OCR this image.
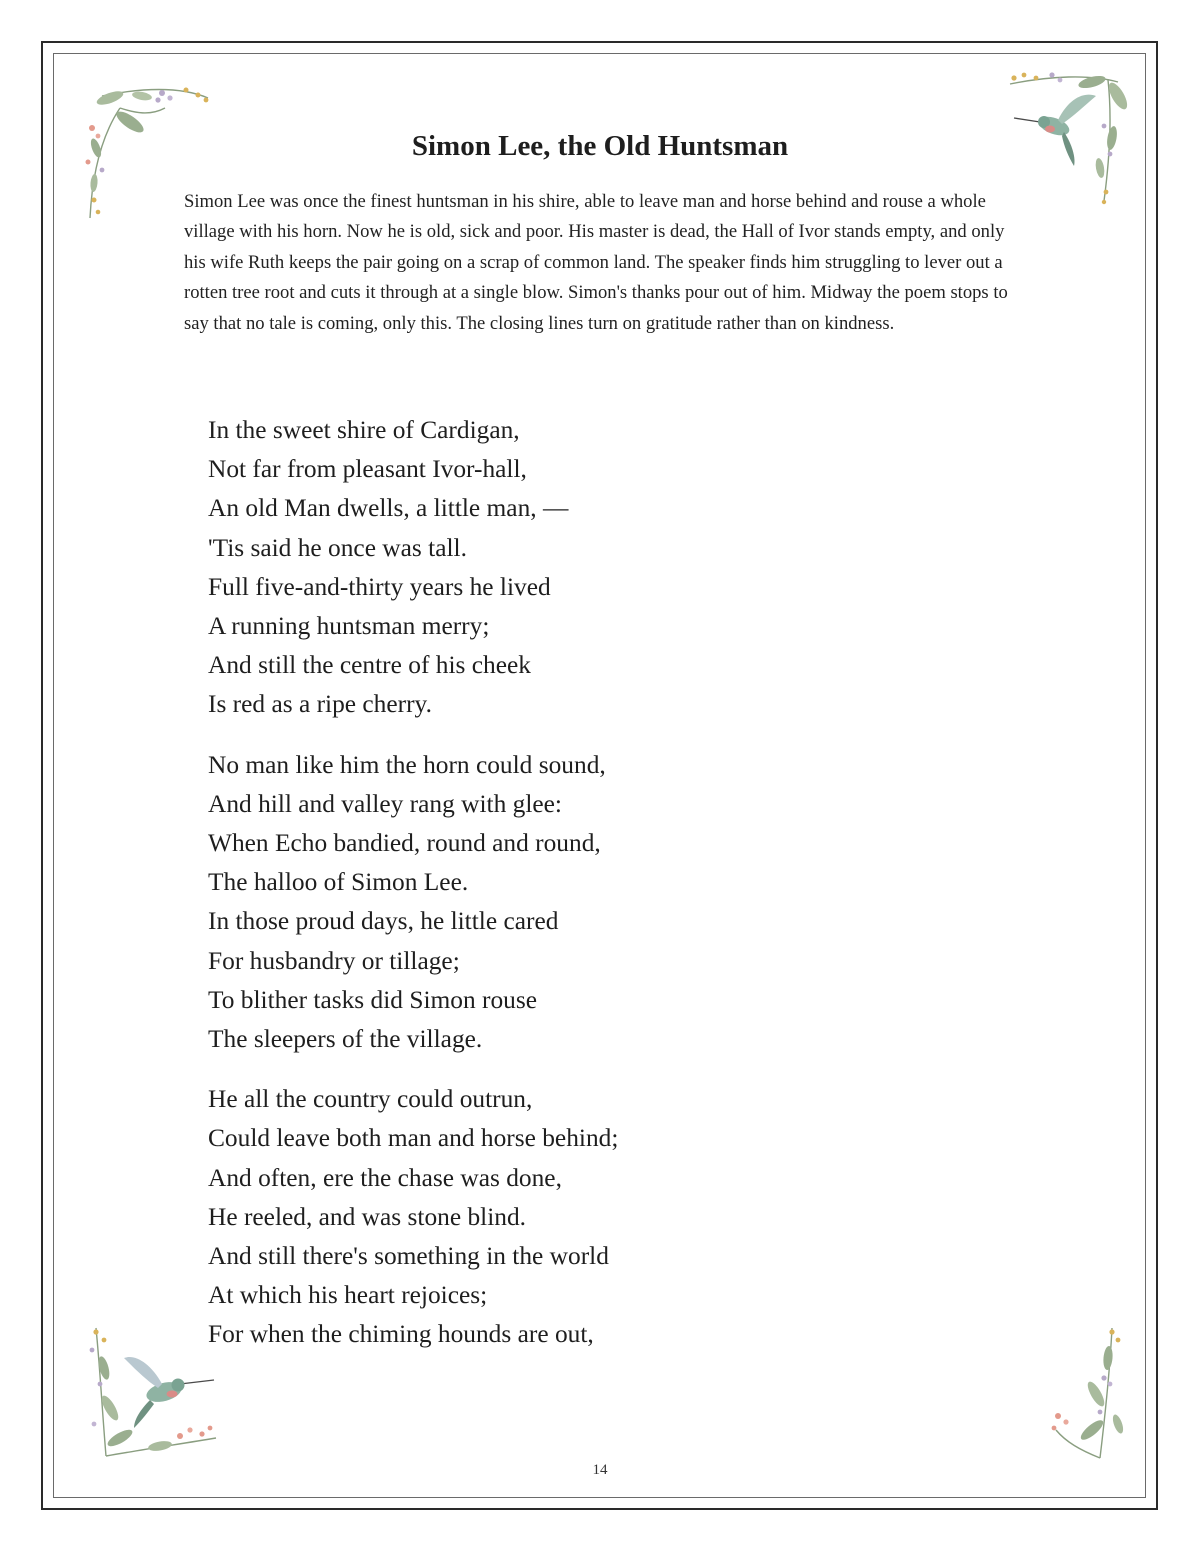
Simon Lee, the Old Huntsman

Simon Lee was once the finest huntsman in his shire, able to leave man and horse behind and rouse a whole village with his horn. Now he is old, sick and poor. His master is dead, the Hall of Ivor stands empty, and only his wife Ruth keeps the pair going on a scrap of common land. The speaker finds him struggling to lever out a rotten tree root and cuts it through at a single blow. Simon's thanks pour out of him. Midway the poem stops to say that no tale is coming, only this. The closing lines turn on gratitude rather than on kindness.

In the sweet shire of Cardigan,
Not far from pleasant Ivor-hall,
An old Man dwells, a little man, —
'Tis said he once was tall.
Full five-and-thirty years he lived
A running huntsman merry;
And still the centre of his cheek
Is red as a ripe cherry.
No man like him the horn could sound,
And hill and valley rang with glee:
When Echo bandied, round and round,
The halloo of Simon Lee.
In those proud days, he little cared
For husbandry or tillage;
To blither tasks did Simon rouse
The sleepers of the village.
He all the country could outrun,
Could leave both man and horse behind;
And often, ere the chase was done,
He reeled, and was stone blind.
And still there's something in the world
At which his heart rejoices;
For when the chiming hounds are out,
14
